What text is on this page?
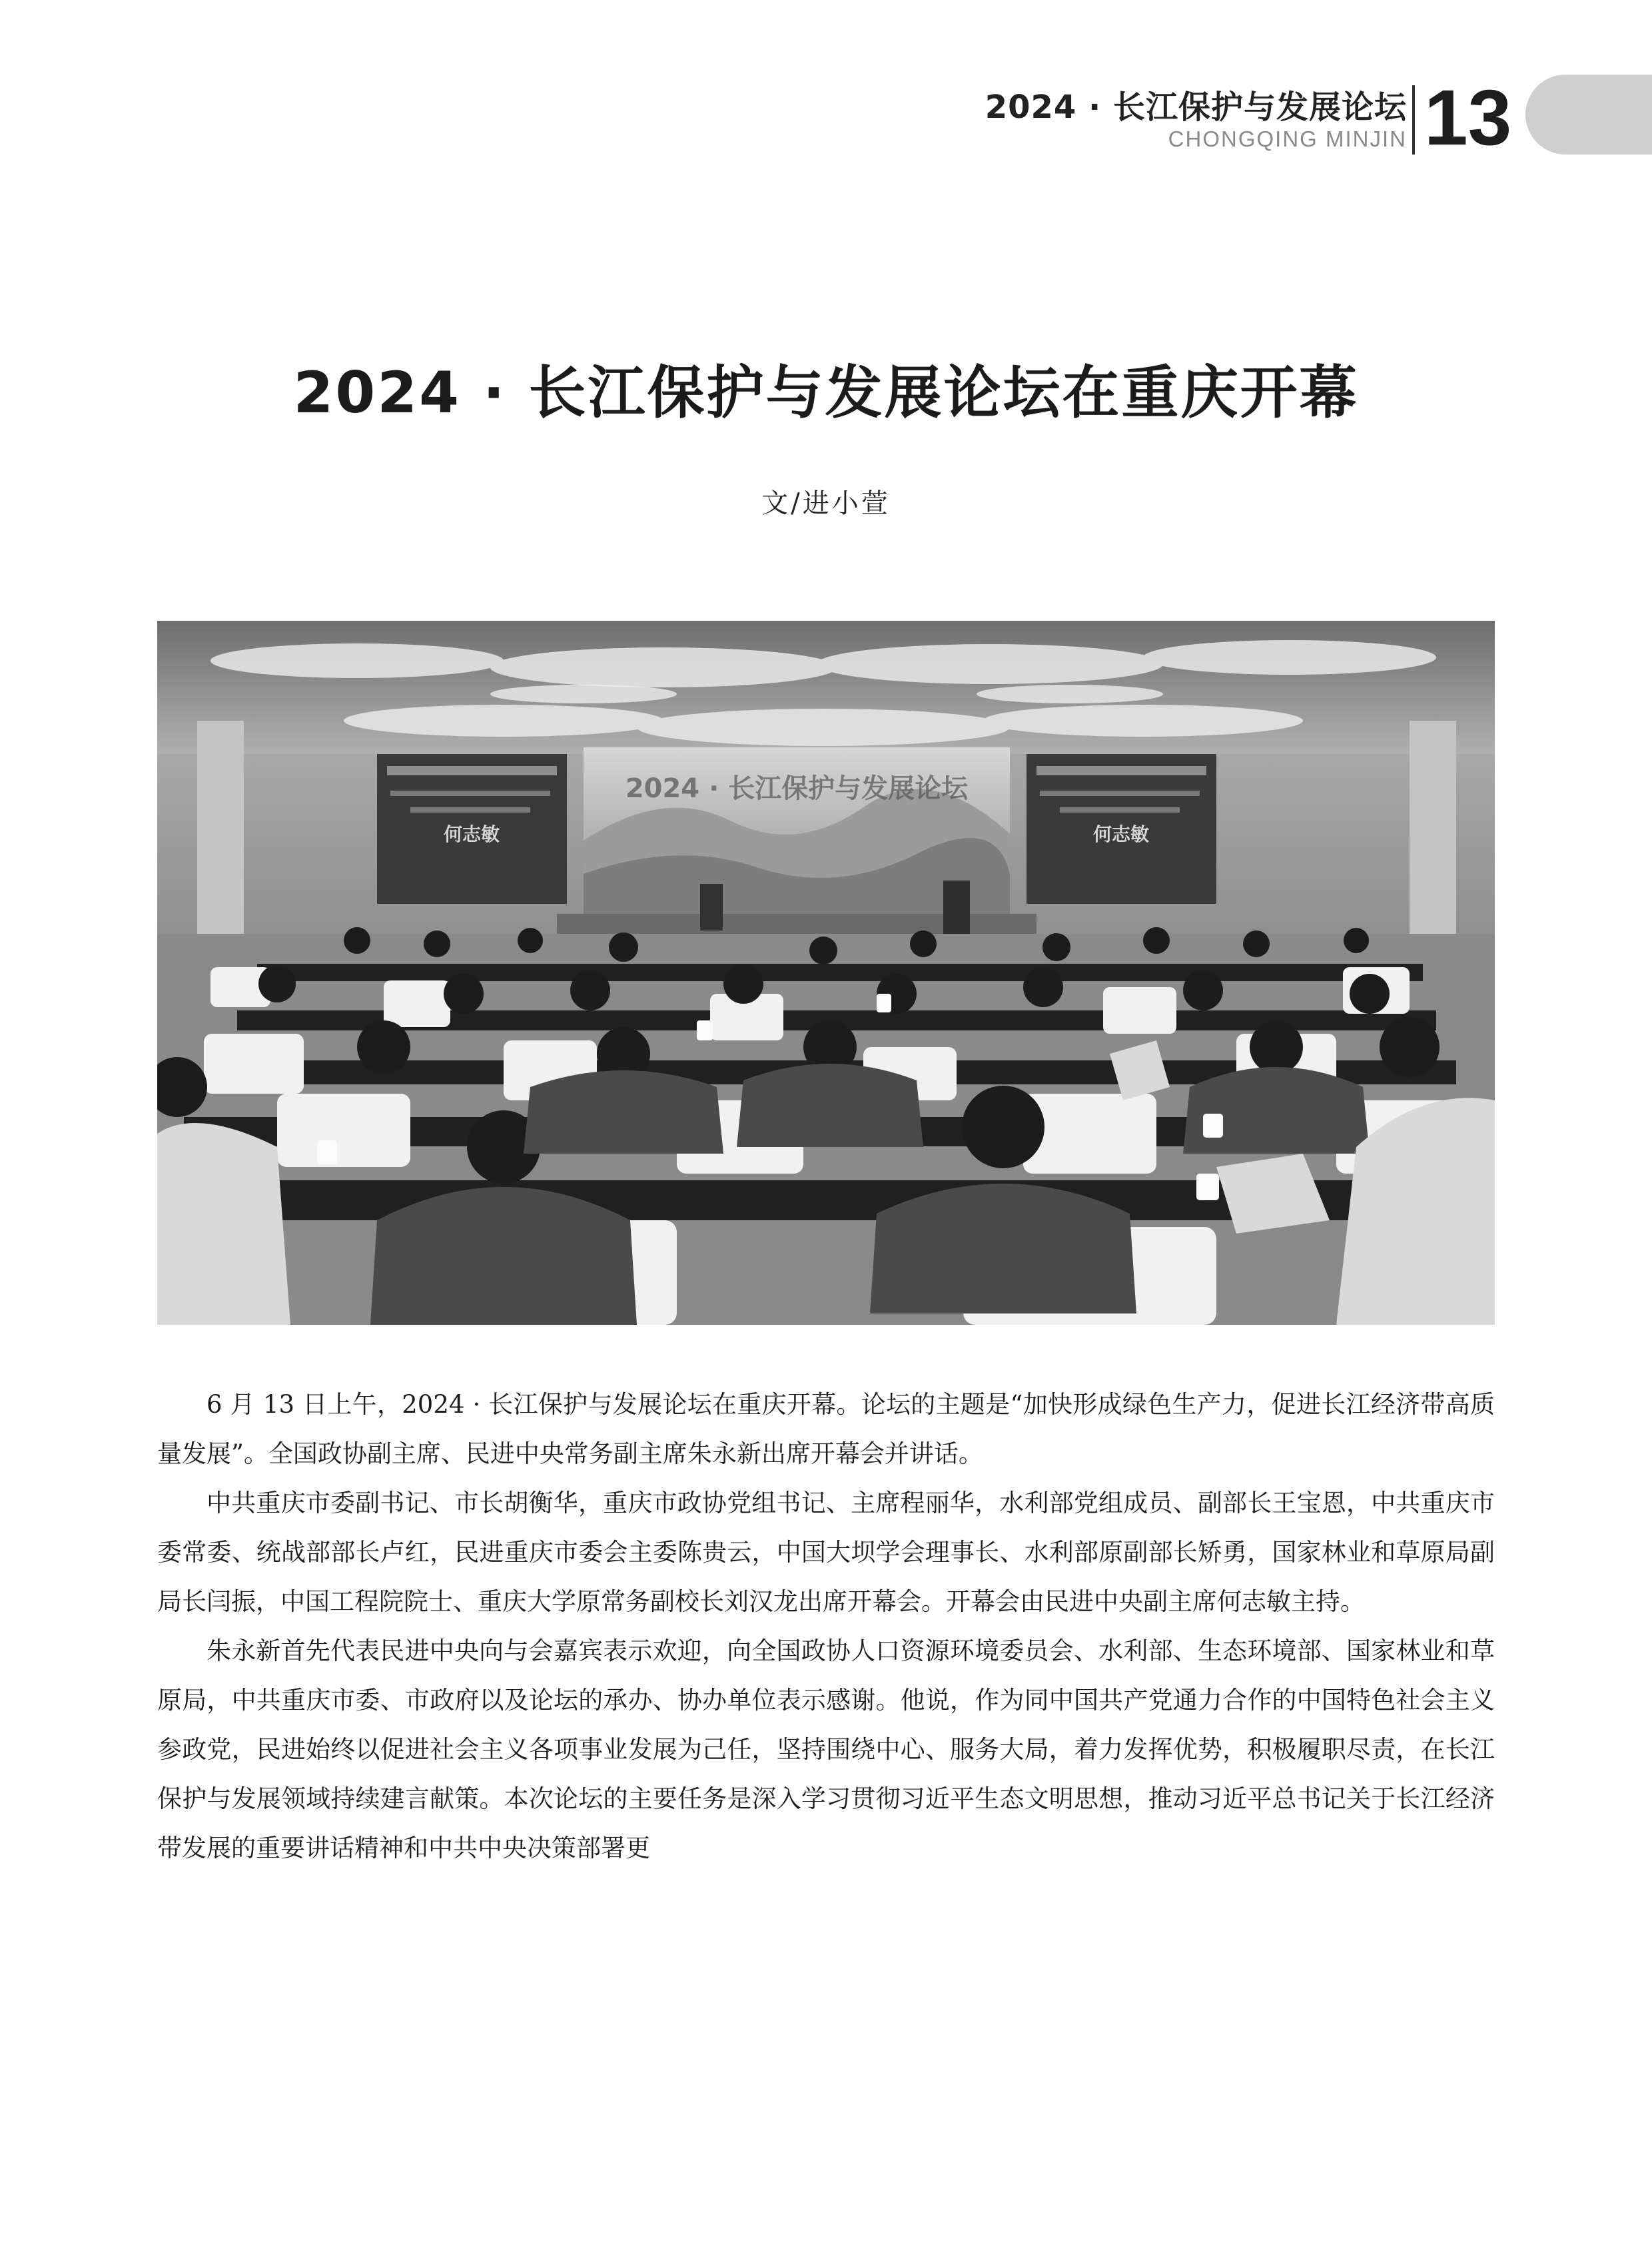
2024 · 长江保护与发展论坛
CHONGQING MINJIN 13
2024 · 长江保护与发展论坛在重庆开幕
文/进小萱
何志敏
2024 · 长江保护与发展论坛
何志敏

6 月 13 日上午，2024 · 长江保护与发展论坛在重庆开幕。论坛的主题是“加快形成绿色生产力，促进长江经济带高质量发展”。全国政协副主席、民进中央常务副主席朱永新出席开幕会并讲话。

中共重庆市委副书记、市长胡衡华，重庆市政协党组书记、主席程丽华，水利部党组成员、副部长王宝恩，中共重庆市委常委、统战部部长卢红，民进重庆市委会主委陈贵云，中国大坝学会理事长、水利部原副部长矫勇，国家林业和草原局副局长闫振，中国工程院院士、重庆大学原常务副校长刘汉龙出席开幕会。开幕会由民进中央副主席何志敏主持。

朱永新首先代表民进中央向与会嘉宾表示欢迎，向全国政协人口资源环境委员会、水利部、生态环境部、国家林业和草原局，中共重庆市委、市政府以及论坛的承办、协办单位表示感谢。他说，作为同中国共产党通力合作的中国特色社会主义参政党，民进始终以促进社会主义各项事业发展为己任，坚持围绕中心、服务大局，着力发挥优势，积极履职尽责，在长江保护与发展领域持续建言献策。本次论坛的主要任务是深入学习贯彻习近平生态文明思想，推动习近平总书记关于长江经济带发展的重要讲话精神和中共中央决策部署更
